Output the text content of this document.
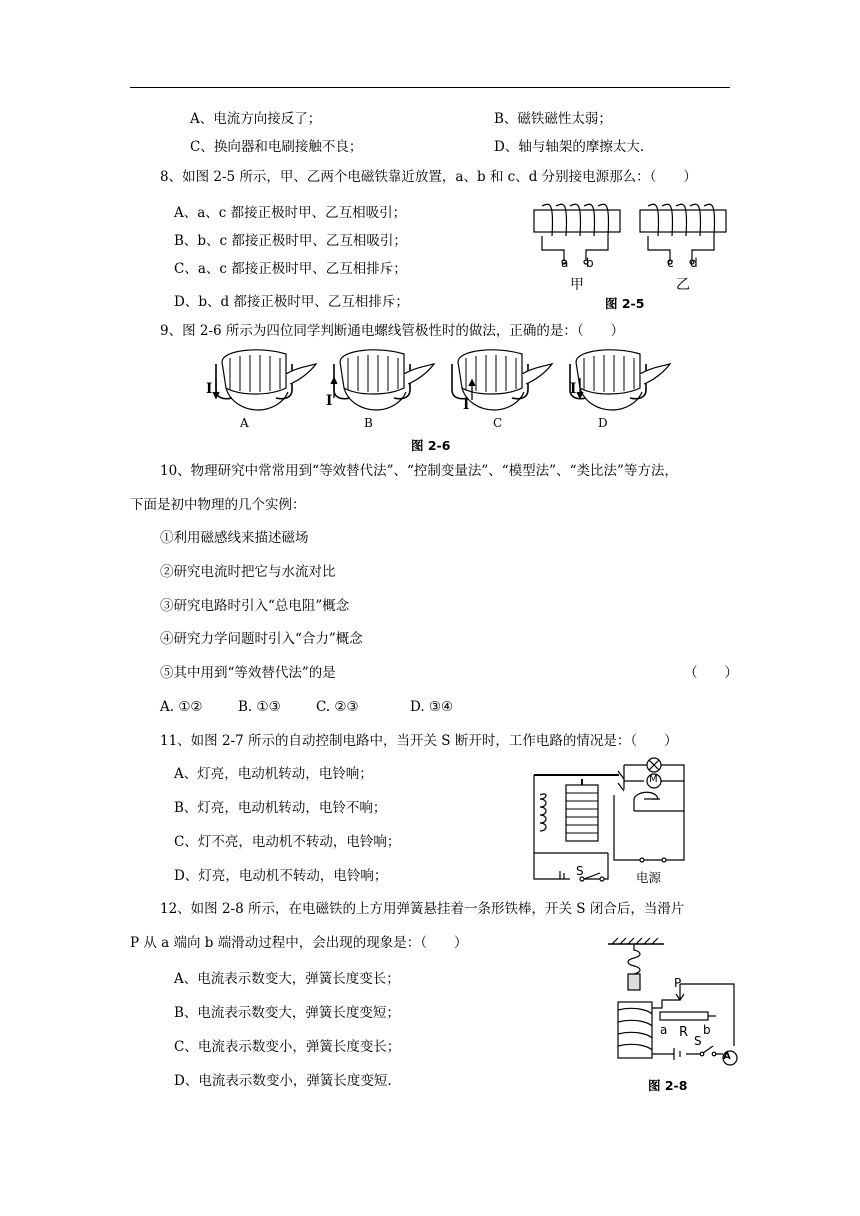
A、电流方向接反了；	B、磁铁磁性太弱；
C、换向器和电刷接触不良；	D、轴与轴架的摩擦太大.
8、如图 2-5 所示，甲、乙两个电磁铁靠近放置，a、b 和 c、d 分别接电源那么：（　　）
A、a、c 都接正极时甲、乙互相吸引；
B、b、c 都接正极时甲、乙互相吸引；
C、a、c 都接正极时甲、乙互相排斥；
D、b、d 都接正极时甲、乙互相排斥；
a b	c d
甲	乙
图 2-5
9、图 2-6 所示为四位同学判断通电螺线管极性时的做法，正确的是：（　　）
I
I	I
I
A	B	C	D
图 2-6
10、物理研究中常常用到“等效替代法”、“控制变量法”、“模型法”、“类比法”等方法，
下面是初中物理的几个实例：
①利用磁感线来描述磁场
②研究电流时把它与水流对比
③研究电路时引入“总电阻”概念
④研究力学问题时引入“合力”概念
⑤其中用到“等效替代法”的是	（　　）
A. ①②	B. ①③	C. ②③	D. ③④
11、如图 2-7 所示的自动控制电路中，当开关 S 断开时，工作电路的情况是：（　　）
A、灯亮，电动机转动，电铃响；
B、灯亮，电动机转动，电铃不响；
C、灯不亮，电动机不转动，电铃响；
D、灯亮，电动机不转动，电铃响；
M
S	电源
12、如图 2-8 所示，在电磁铁的上方用弹簧悬挂着一条形铁棒，开关 S 闭合后，当滑片
P 从 a 端向 b 端滑动过程中，会出现的现象是：（　　）
A、电流表示数变大，弹簧长度变长；
B、电流表示数变大，弹簧长度变短；
C、电流表示数变小，弹簧长度变长；
D、电流表示数变小，弹簧长度变短.
P
a R b
A
S
图 2-8
